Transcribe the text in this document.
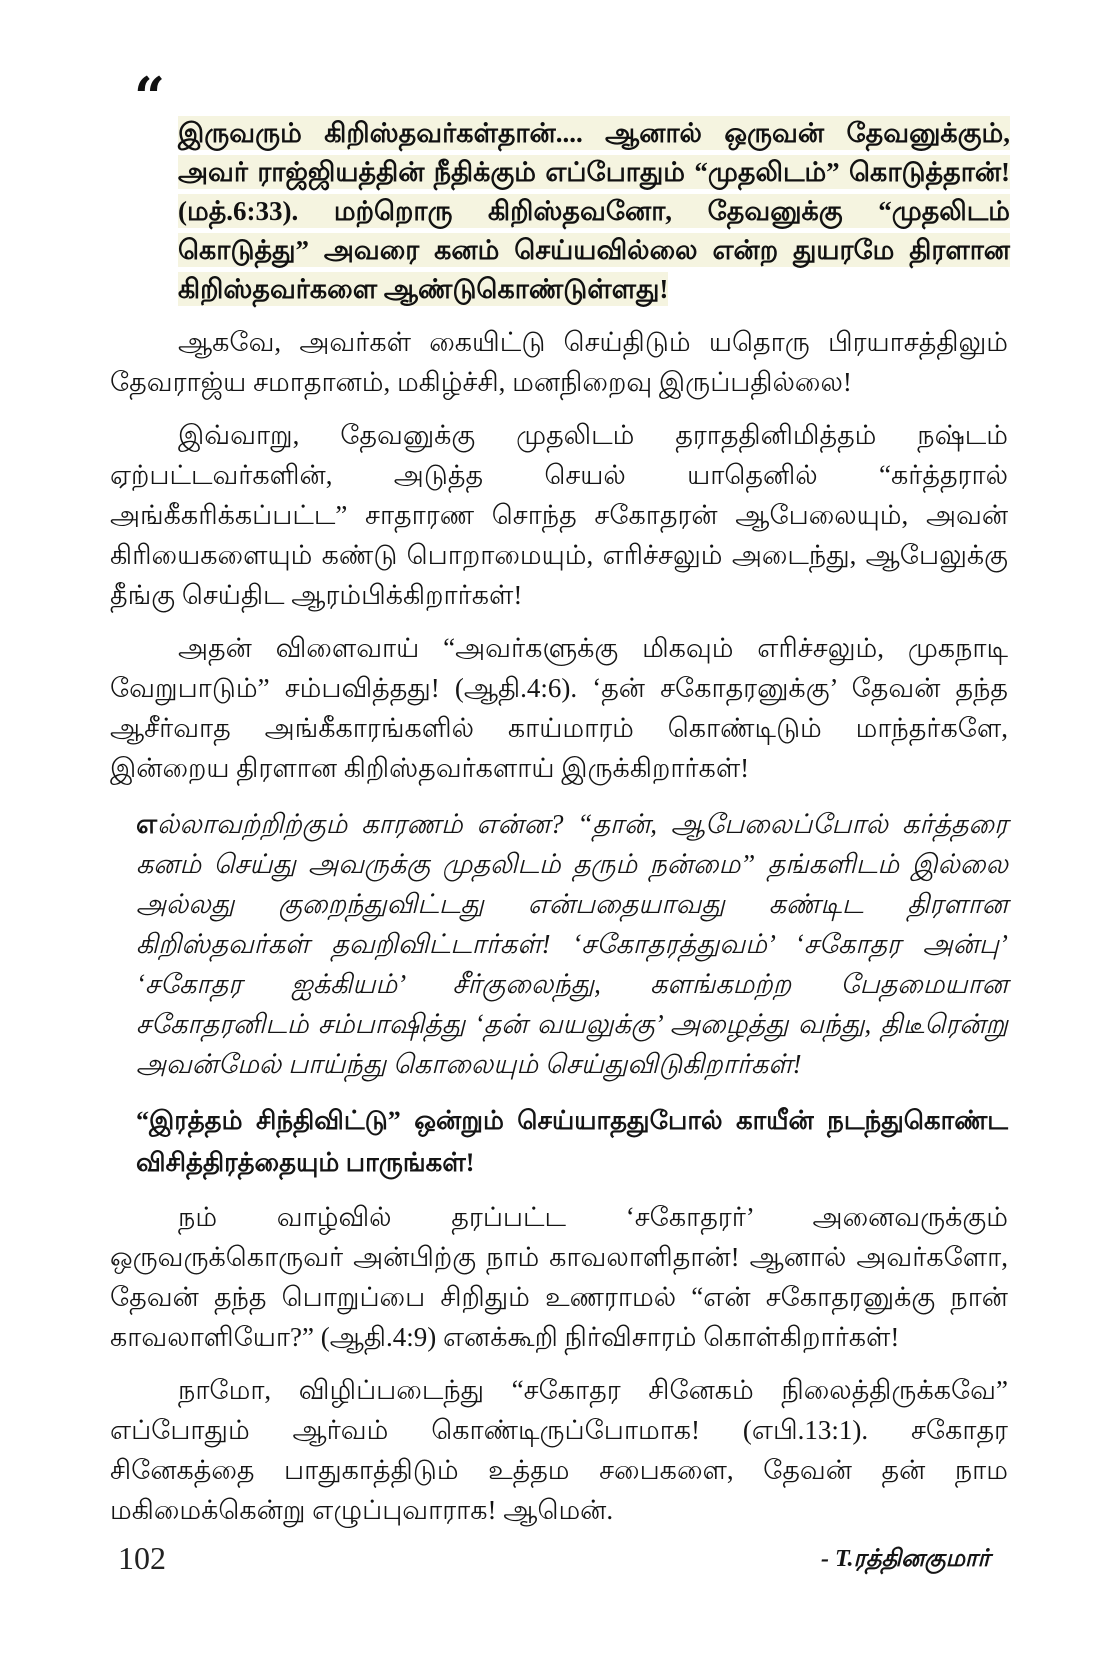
“
இருவரும் கிறிஸ்தவர்கள்தான்.... ஆனால் ஒருவன் தேவனுக்கும், அவர் ராஜ்ஜியத்தின் நீதிக்கும் எப்போதும் “முதலிடம்” கொடுத்தான்! (மத்.6:33). மற்றொரு கிறிஸ்தவனோ, தேவனுக்கு “முதலிடம் கொடுத்து” அவரை கனம் செய்யவில்லை என்ற துயரமே திரளான கிறிஸ்தவர்களை ஆண்டுகொண்டுள்ளது!
ஆகவே, அவர்கள் கையிட்டு செய்திடும் யதொரு பிரயாசத்திலும் தேவராஜ்ய சமாதானம், மகிழ்ச்சி, மனநிறைவு இருப்பதில்லை!
இவ்வாறு, தேவனுக்கு முதலிடம் தராததினிமித்தம் நஷ்டம் ஏற்பட்டவர்களின், அடுத்த செயல் யாதெனில் “கர்த்தரால் அங்கீகரிக்கப்பட்ட” சாதாரண சொந்த சகோதரன் ஆபேலையும், அவன் கிரியைகளையும் கண்டு பொறாமையும், எரிச்சலும் அடைந்து, ஆபேலுக்கு தீங்கு செய்திட ஆரம்பிக்கிறார்கள்!
அதன் விளைவாய் “அவர்களுக்கு மிகவும் எரிச்சலும், முகநாடி வேறுபாடும்” சம்பவித்தது! (ஆதி.4:6). ‘தன் சகோதரனுக்கு’ தேவன் தந்த ஆசீர்வாத அங்கீகாரங்களில் காய்மாரம் கொண்டிடும் மாந்தர்களே, இன்றைய திரளான கிறிஸ்தவர்களாய் இருக்கிறார்கள்!
எல்லாவற்றிற்கும் காரணம் என்ன? “தான், ஆபேலைப்போல் கர்த்தரை கனம் செய்து அவருக்கு முதலிடம் தரும் நன்மை” தங்களிடம் இல்லை அல்லது குறைந்துவிட்டது என்பதையாவது கண்டிட திரளான கிறிஸ்தவர்கள் தவறிவிட்டார்கள்! ‘சகோதரத்துவம்’ ‘சகோதர அன்பு’ ‘சகோதர ஐக்கியம்’ சீர்குலைந்து, களங்கமற்ற பேதமையான சகோதரனிடம் சம்பாஷித்து ‘தன் வயலுக்கு’ அழைத்து வந்து, திடீரென்று அவன்மேல் பாய்ந்து கொலையும் செய்துவிடுகிறார்கள்!
“இரத்தம் சிந்திவிட்டு” ஒன்றும் செய்யாததுபோல் காயீன் நடந்துகொண்ட விசித்திரத்தையும் பாருங்கள்!
நம் வாழ்வில் தரப்பட்ட ‘சகோதரர்’ அனைவருக்கும் ஒருவருக்கொருவர் அன்பிற்கு நாம் காவலாளிதான்! ஆனால் அவர்களோ, தேவன் தந்த பொறுப்பை சிறிதும் உணராமல் “என் சகோதரனுக்கு நான் காவலாளியோ?” (ஆதி.4:9) எனக்கூறி நிர்விசாரம் கொள்கிறார்கள்!
நாமோ, விழிப்படைந்து “சகோதர சினேகம் நிலைத்திருக்கவே” எப்போதும் ஆர்வம் கொண்டிருப்போமாக! (எபி.13:1). சகோதர சினேகத்தை பாதுகாத்திடும் உத்தம சபைகளை, தேவன் தன் நாம மகிமைக்கென்று எழுப்புவாராக! ஆமென்.
- T.ரத்தினகுமார்
102
